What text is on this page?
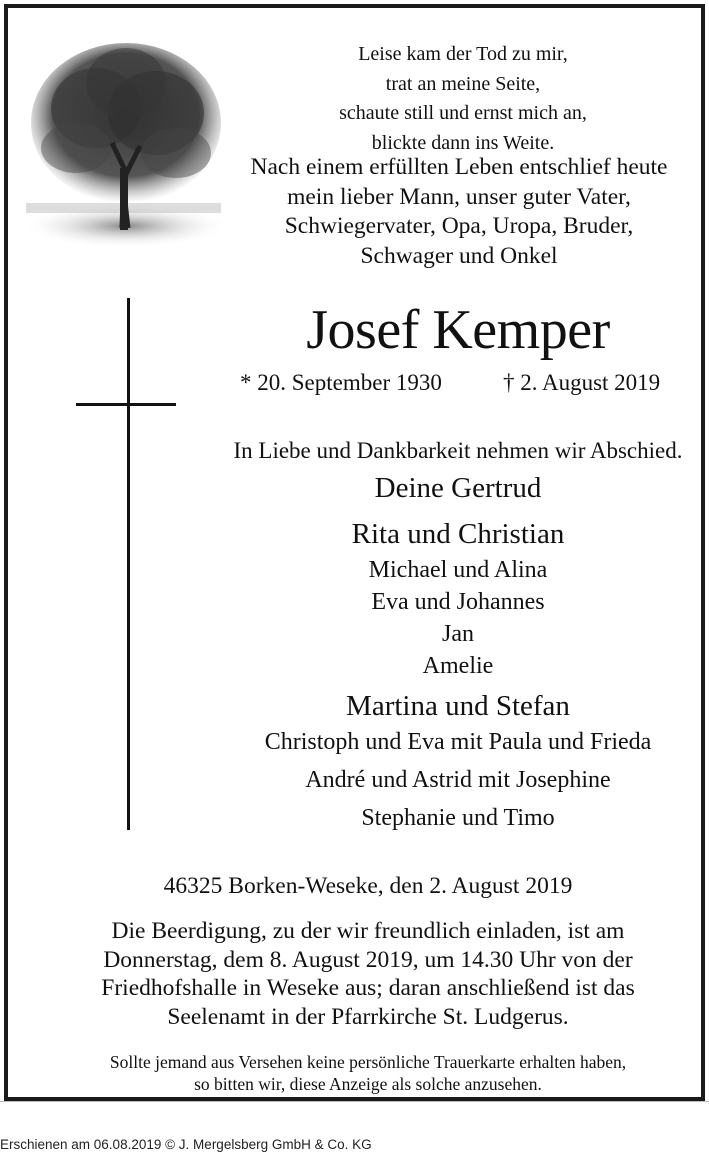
Leise kam der Tod zu mir,
trat an meine Seite,
schaute still und ernst mich an,
blickte dann ins Weite.
Nach einem erfüllten Leben entschlief heute
mein lieber Mann, unser guter Vater,
Schwiegervater, Opa, Uropa, Bruder,
Schwager und Onkel
Josef Kemper
* 20. September 1930	† 2. August 2019
In Liebe und Dankbarkeit nehmen wir Abschied.
Deine Gertrud
Rita und Christian
Michael und Alina
Eva und Johannes
Jan
Amelie
Martina und Stefan
Christoph und Eva mit Paula und Frieda
André und Astrid mit Josephine
Stephanie und Timo
46325 Borken-Weseke, den 2. August 2019
Die Beerdigung, zu der wir freundlich einladen, ist am
Donnerstag, dem 8. August 2019, um 14.30 Uhr von der
Friedhofshalle in Weseke aus; daran anschließend ist das
Seelenamt in der Pfarrkirche St. Ludgerus.
Sollte jemand aus Versehen keine persönliche Trauerkarte erhalten haben,
so bitten wir, diese Anzeige als solche anzusehen.
Erschienen am 06.08.2019 © J. Mergelsberg GmbH & Co. KG
